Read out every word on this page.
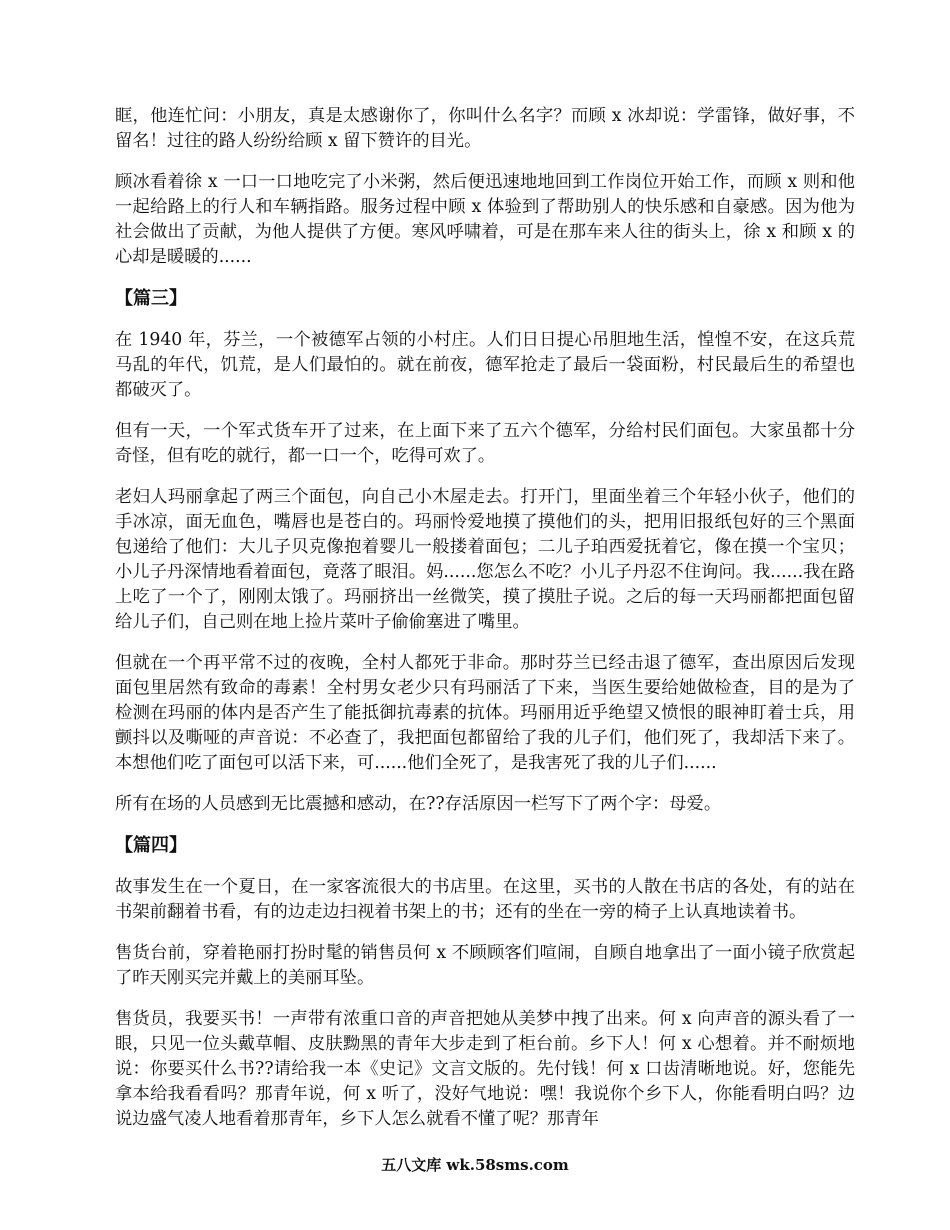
眶，他连忙问：小朋友，真是太感谢你了，你叫什么名字？而顾 x 冰却说：学雷锋，做好事，不留名！过往的路人纷纷给顾 x 留下赞许的目光。

顾冰看着徐 x 一口一口地吃完了小米粥，然后便迅速地地回到工作岗位开始工作，而顾 x 则和他一起给路上的行人和车辆指路。服务过程中顾 x 体验到了帮助别人的快乐感和自豪感。因为他为社会做出了贡献，为他人提供了方便。寒风呼啸着，可是在那车来人往的街头上，徐 x 和顾 x 的心却是暖暖的......

【篇三】

在 1940 年，芬兰，一个被德军占领的小村庄。人们日日提心吊胆地生活，惶惶不安，在这兵荒马乱的年代，饥荒，是人们最怕的。就在前夜，德军抢走了最后一袋面粉，村民最后生的希望也都破灭了。

但有一天，一个军式货车开了过来，在上面下来了五六个德军，分给村民们面包。大家虽都十分奇怪，但有吃的就行，都一口一个，吃得可欢了。

老妇人玛丽拿起了两三个面包，向自己小木屋走去。打开门，里面坐着三个年轻小伙子，他们的手冰凉，面无血色，嘴唇也是苍白的。玛丽怜爱地摸了摸他们的头，把用旧报纸包好的三个黑面包递给了他们：大儿子贝克像抱着婴儿一般搂着面包；二儿子珀西爱抚着它，像在摸一个宝贝；小儿子丹深情地看着面包，竟落了眼泪。妈......您怎么不吃？小儿子丹忍不住询问。我......我在路上吃了一个了，刚刚太饿了。玛丽挤出一丝微笑，摸了摸肚子说。之后的每一天玛丽都把面包留给儿子们，自己则在地上捡片菜叶子偷偷塞进了嘴里。

但就在一个再平常不过的夜晚，全村人都死于非命。那时芬兰已经击退了德军，查出原因后发现面包里居然有致命的毒素！全村男女老少只有玛丽活了下来，当医生要给她做检查，目的是为了检测在玛丽的体内是否产生了能抵御抗毒素的抗体。玛丽用近乎绝望又愤恨的眼神盯着士兵，用颤抖以及嘶哑的声音说：不必查了，我把面包都留给了我的儿子们，他们死了，我却活下来了。本想他们吃了面包可以活下来，可......他们全死了，是我害死了我的儿子们......

所有在场的人员感到无比震撼和感动，在??存活原因一栏写下了两个字：母爱。

【篇四】

故事发生在一个夏日，在一家客流很大的书店里。在这里，买书的人散在书店的各处，有的站在书架前翻着书看，有的边走边扫视着书架上的书；还有的坐在一旁的椅子上认真地读着书。

售货台前，穿着艳丽打扮时髦的销售员何 x 不顾顾客们喧闹，自顾自地拿出了一面小镜子欣赏起了昨天刚买完并戴上的美丽耳坠。

售货员，我要买书！一声带有浓重口音的声音把她从美梦中拽了出来。何 x 向声音的源头看了一眼，只见一位头戴草帽、皮肤黝黑的青年大步走到了柜台前。乡下人！何 x 心想着。并不耐烦地说：你要买什么书??请给我一本《史记》文言文版的。先付钱！何 x 口齿清晰地说。好，您能先拿本给我看看吗？那青年说，何 x 听了，没好气地说：嘿！我说你个乡下人，你能看明白吗？边说边盛气凌人地看着那青年，乡下人怎么就看不懂了呢？那青年

五八文库 wk.58sms.com
